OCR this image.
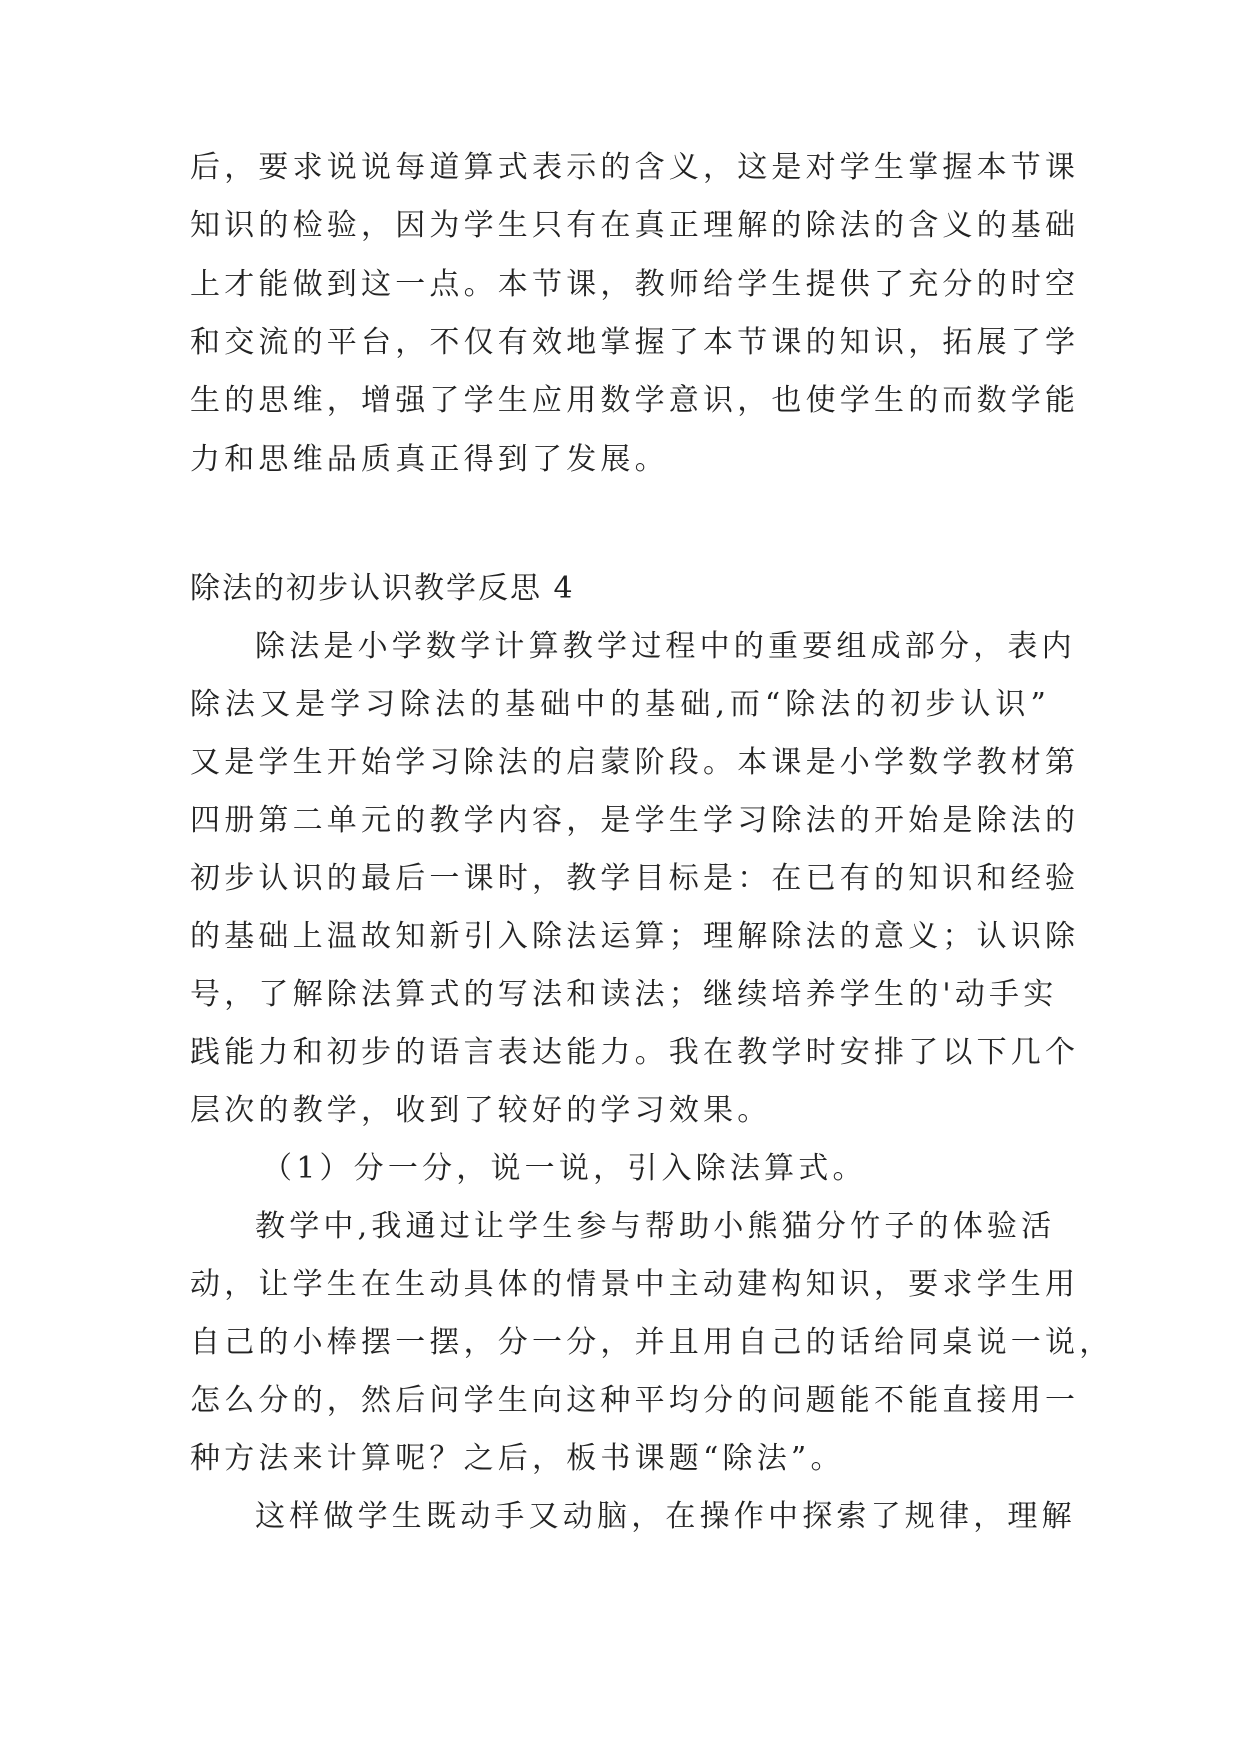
后，要求说说每道算式表示的含义，这是对学生掌握本节课
知识的检验，因为学生只有在真正理解的除法的含义的基础
上才能做到这一点。本节课，教师给学生提供了充分的时空
和交流的平台，不仅有效地掌握了本节课的知识，拓展了学
生的思维，增强了学生应用数学意识，也使学生的而数学能
力和思维品质真正得到了发展。
除法的初步认识教学反思 4
除法是小学数学计算教学过程中的重要组成部分，表内
除法又是学习除法的基础中的基础,而“除法的初步认识”
又是学生开始学习除法的启蒙阶段。本课是小学数学教材第
四册第二单元的教学内容，是学生学习除法的开始是除法的
初步认识的最后一课时，教学目标是：在已有的知识和经验
的基础上温故知新引入除法运算；理解除法的意义；认识除
号，了解除法算式的写法和读法；继续培养学生的'动手实
践能力和初步的语言表达能力。我在教学时安排了以下几个
层次的教学，收到了较好的学习效果。
（1）分一分，说一说，引入除法算式。
教学中,我通过让学生参与帮助小熊猫分竹子的体验活
动，让学生在生动具体的情景中主动建构知识，要求学生用
自己的小棒摆一摆，分一分，并且用自己的话给同桌说一说，
怎么分的，然后问学生向这种平均分的问题能不能直接用一
种方法来计算呢？之后，板书课题“除法”。
这样做学生既动手又动脑，在操作中探索了规律，理解
